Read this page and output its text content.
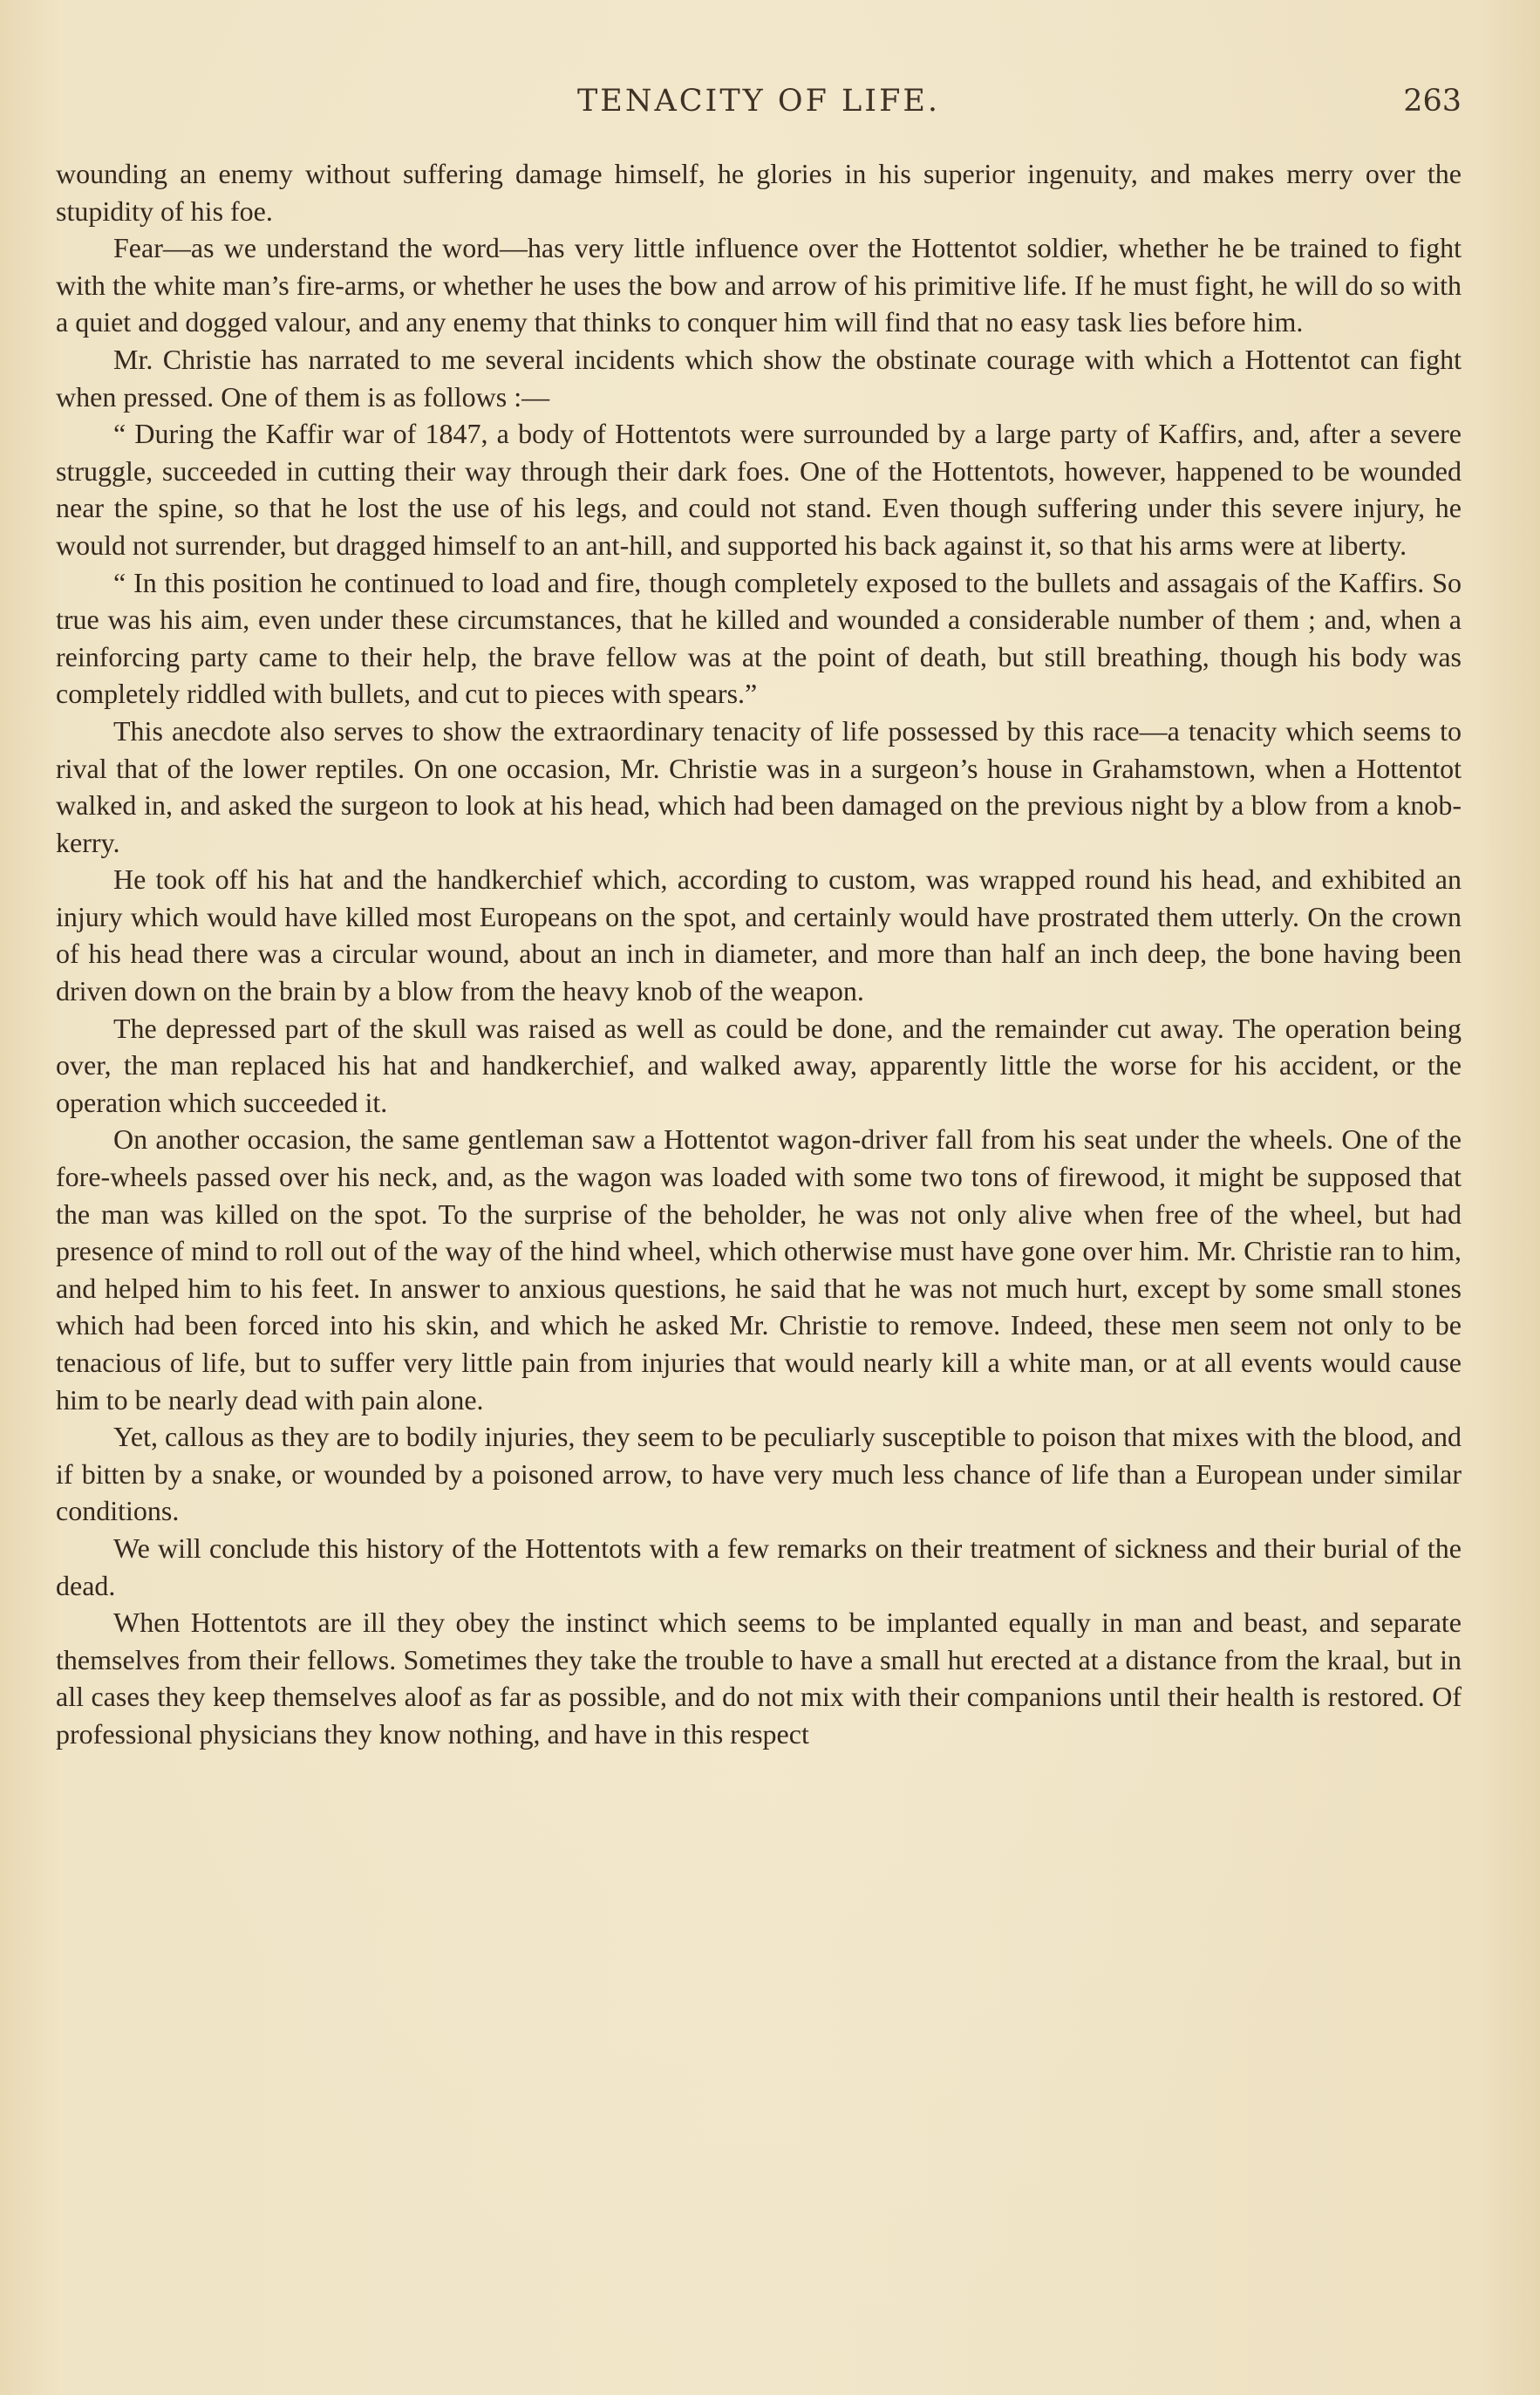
TENACITY OF LIFE.	263

wounding an enemy without suffering damage himself, he glories in his superior ingenuity, and makes merry over the stupidity of his foe.

Fear—as we understand the word—has very little influence over the Hottentot soldier, whether he be trained to fight with the white man’s fire-arms, or whether he uses the bow and arrow of his primitive life. If he must fight, he will do so with a quiet and dogged valour, and any enemy that thinks to conquer him will find that no easy task lies before him.

Mr. Christie has narrated to me several incidents which show the obstinate courage with which a Hottentot can fight when pressed. One of them is as follows :—

“ During the Kaffir war of 1847, a body of Hottentots were surrounded by a large party of Kaffirs, and, after a severe struggle, succeeded in cutting their way through their dark foes. One of the Hottentots, however, happened to be wounded near the spine, so that he lost the use of his legs, and could not stand. Even though suffering under this severe injury, he would not surrender, but dragged himself to an ant-hill, and supported his back against it, so that his arms were at liberty.

“ In this position he continued to load and fire, though completely exposed to the bullets and assagais of the Kaffirs. So true was his aim, even under these circumstances, that he killed and wounded a considerable number of them ; and, when a reinforcing party came to their help, the brave fellow was at the point of death, but still breathing, though his body was completely riddled with bullets, and cut to pieces with spears.”

This anecdote also serves to show the extraordinary tenacity of life possessed by this race—a tenacity which seems to rival that of the lower reptiles. On one occasion, Mr. Christie was in a surgeon’s house in Grahamstown, when a Hottentot walked in, and asked the surgeon to look at his head, which had been damaged on the previous night by a blow from a knob-kerry.

He took off his hat and the handkerchief which, according to custom, was wrapped round his head, and exhibited an injury which would have killed most Europeans on the spot, and certainly would have prostrated them utterly. On the crown of his head there was a circular wound, about an inch in diameter, and more than half an inch deep, the bone having been driven down on the brain by a blow from the heavy knob of the weapon.

The depressed part of the skull was raised as well as could be done, and the remainder cut away. The operation being over, the man replaced his hat and handkerchief, and walked away, apparently little the worse for his accident, or the operation which succeeded it.

On another occasion, the same gentleman saw a Hottentot wagon-driver fall from his seat under the wheels. One of the fore-wheels passed over his neck, and, as the wagon was loaded with some two tons of firewood, it might be supposed that the man was killed on the spot. To the surprise of the beholder, he was not only alive when free of the wheel, but had presence of mind to roll out of the way of the hind wheel, which otherwise must have gone over him. Mr. Christie ran to him, and helped him to his feet. In answer to anxious questions, he said that he was not much hurt, except by some small stones which had been forced into his skin, and which he asked Mr. Christie to remove. Indeed, these men seem not only to be tenacious of life, but to suffer very little pain from injuries that would nearly kill a white man, or at all events would cause him to be nearly dead with pain alone.

Yet, callous as they are to bodily injuries, they seem to be peculiarly susceptible to poison that mixes with the blood, and if bitten by a snake, or wounded by a poisoned arrow, to have very much less chance of life than a European under similar conditions.

We will conclude this history of the Hottentots with a few remarks on their treatment of sickness and their burial of the dead.

When Hottentots are ill they obey the instinct which seems to be implanted equally in man and beast, and separate themselves from their fellows. Sometimes they take the trouble to have a small hut erected at a distance from the kraal, but in all cases they keep themselves aloof as far as possible, and do not mix with their companions until their health is restored. Of professional physicians they know nothing, and have in this respect
